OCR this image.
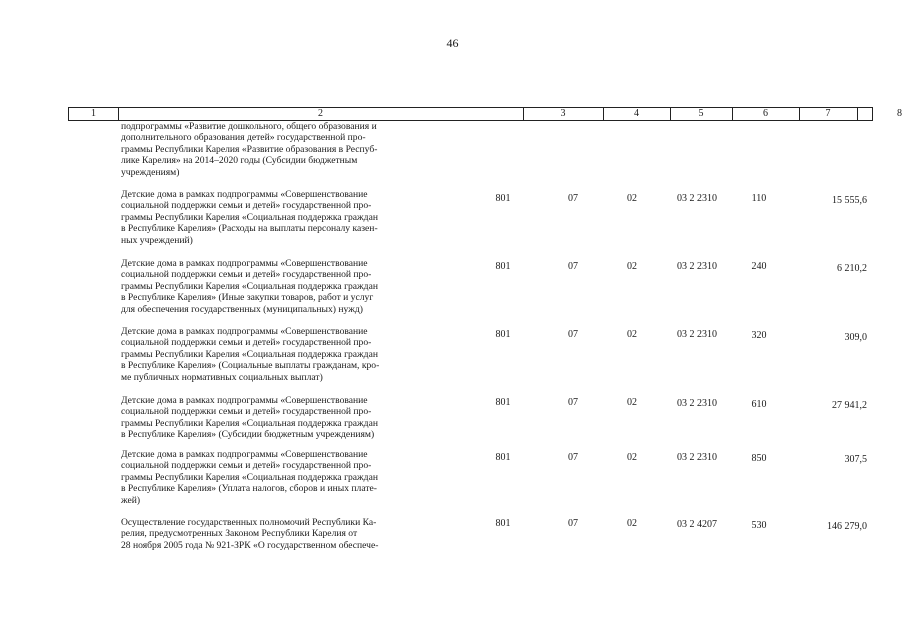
46
1	2	3	4	5	6	7	8
подпрограммы «Развитие дошкольного, общего образования и
дополнительного образования детей» государственной про-
граммы Республики Карелия «Развитие образования в Респуб-
лике Карелия» на 2014–2020 годы (Субсидии бюджетным
учреждениям)
Детские дома в рамках подпрограммы «Совершенствование
социальной поддержки семьи и детей» государственной про-
граммы Республики Карелия «Социальная поддержка граждан
в Республике Карелия» (Расходы на выплаты персоналу казен-
ных учреждений)
801	07	02	03 2 2310	110	15 555,6
Детские дома в рамках подпрограммы «Совершенствование
социальной поддержки семьи и детей» государственной про-
граммы Республики Карелия «Социальная поддержка граждан
в Республике Карелия» (Иные закупки товаров, работ и услуг
для обеспечения государственных (муниципальных) нужд)
801	07	02	03 2 2310	240	6 210,2
Детские дома в рамках подпрограммы «Совершенствование
социальной поддержки семьи и детей» государственной про-
граммы Республики Карелия «Социальная поддержка граждан
в Республике Карелия» (Социальные выплаты гражданам, кро-
ме публичных нормативных социальных выплат)
801	07	02	03 2 2310	320	309,0
Детские дома в рамках подпрограммы «Совершенствование
социальной поддержки семьи и детей» государственной про-
граммы Республики Карелия «Социальная поддержка граждан
в Республике Карелия» (Субсидии бюджетным учреждениям)
801	07	02	03 2 2310	610	27 941,2
Детские дома в рамках подпрограммы «Совершенствование
социальной поддержки семьи и детей» государственной про-
граммы Республики Карелия «Социальная поддержка граждан
в Республике Карелия» (Уплата налогов, сборов и иных плате-
жей)
801	07	02	03 2 2310	850	307,5
Осуществление государственных полномочий Республики Ка-
релия, предусмотренных Законом Республики Карелия от
28 ноября 2005 года № 921-ЗРК «О государственном обеспече-
801	07	02	03 2 4207	530	146 279,0
